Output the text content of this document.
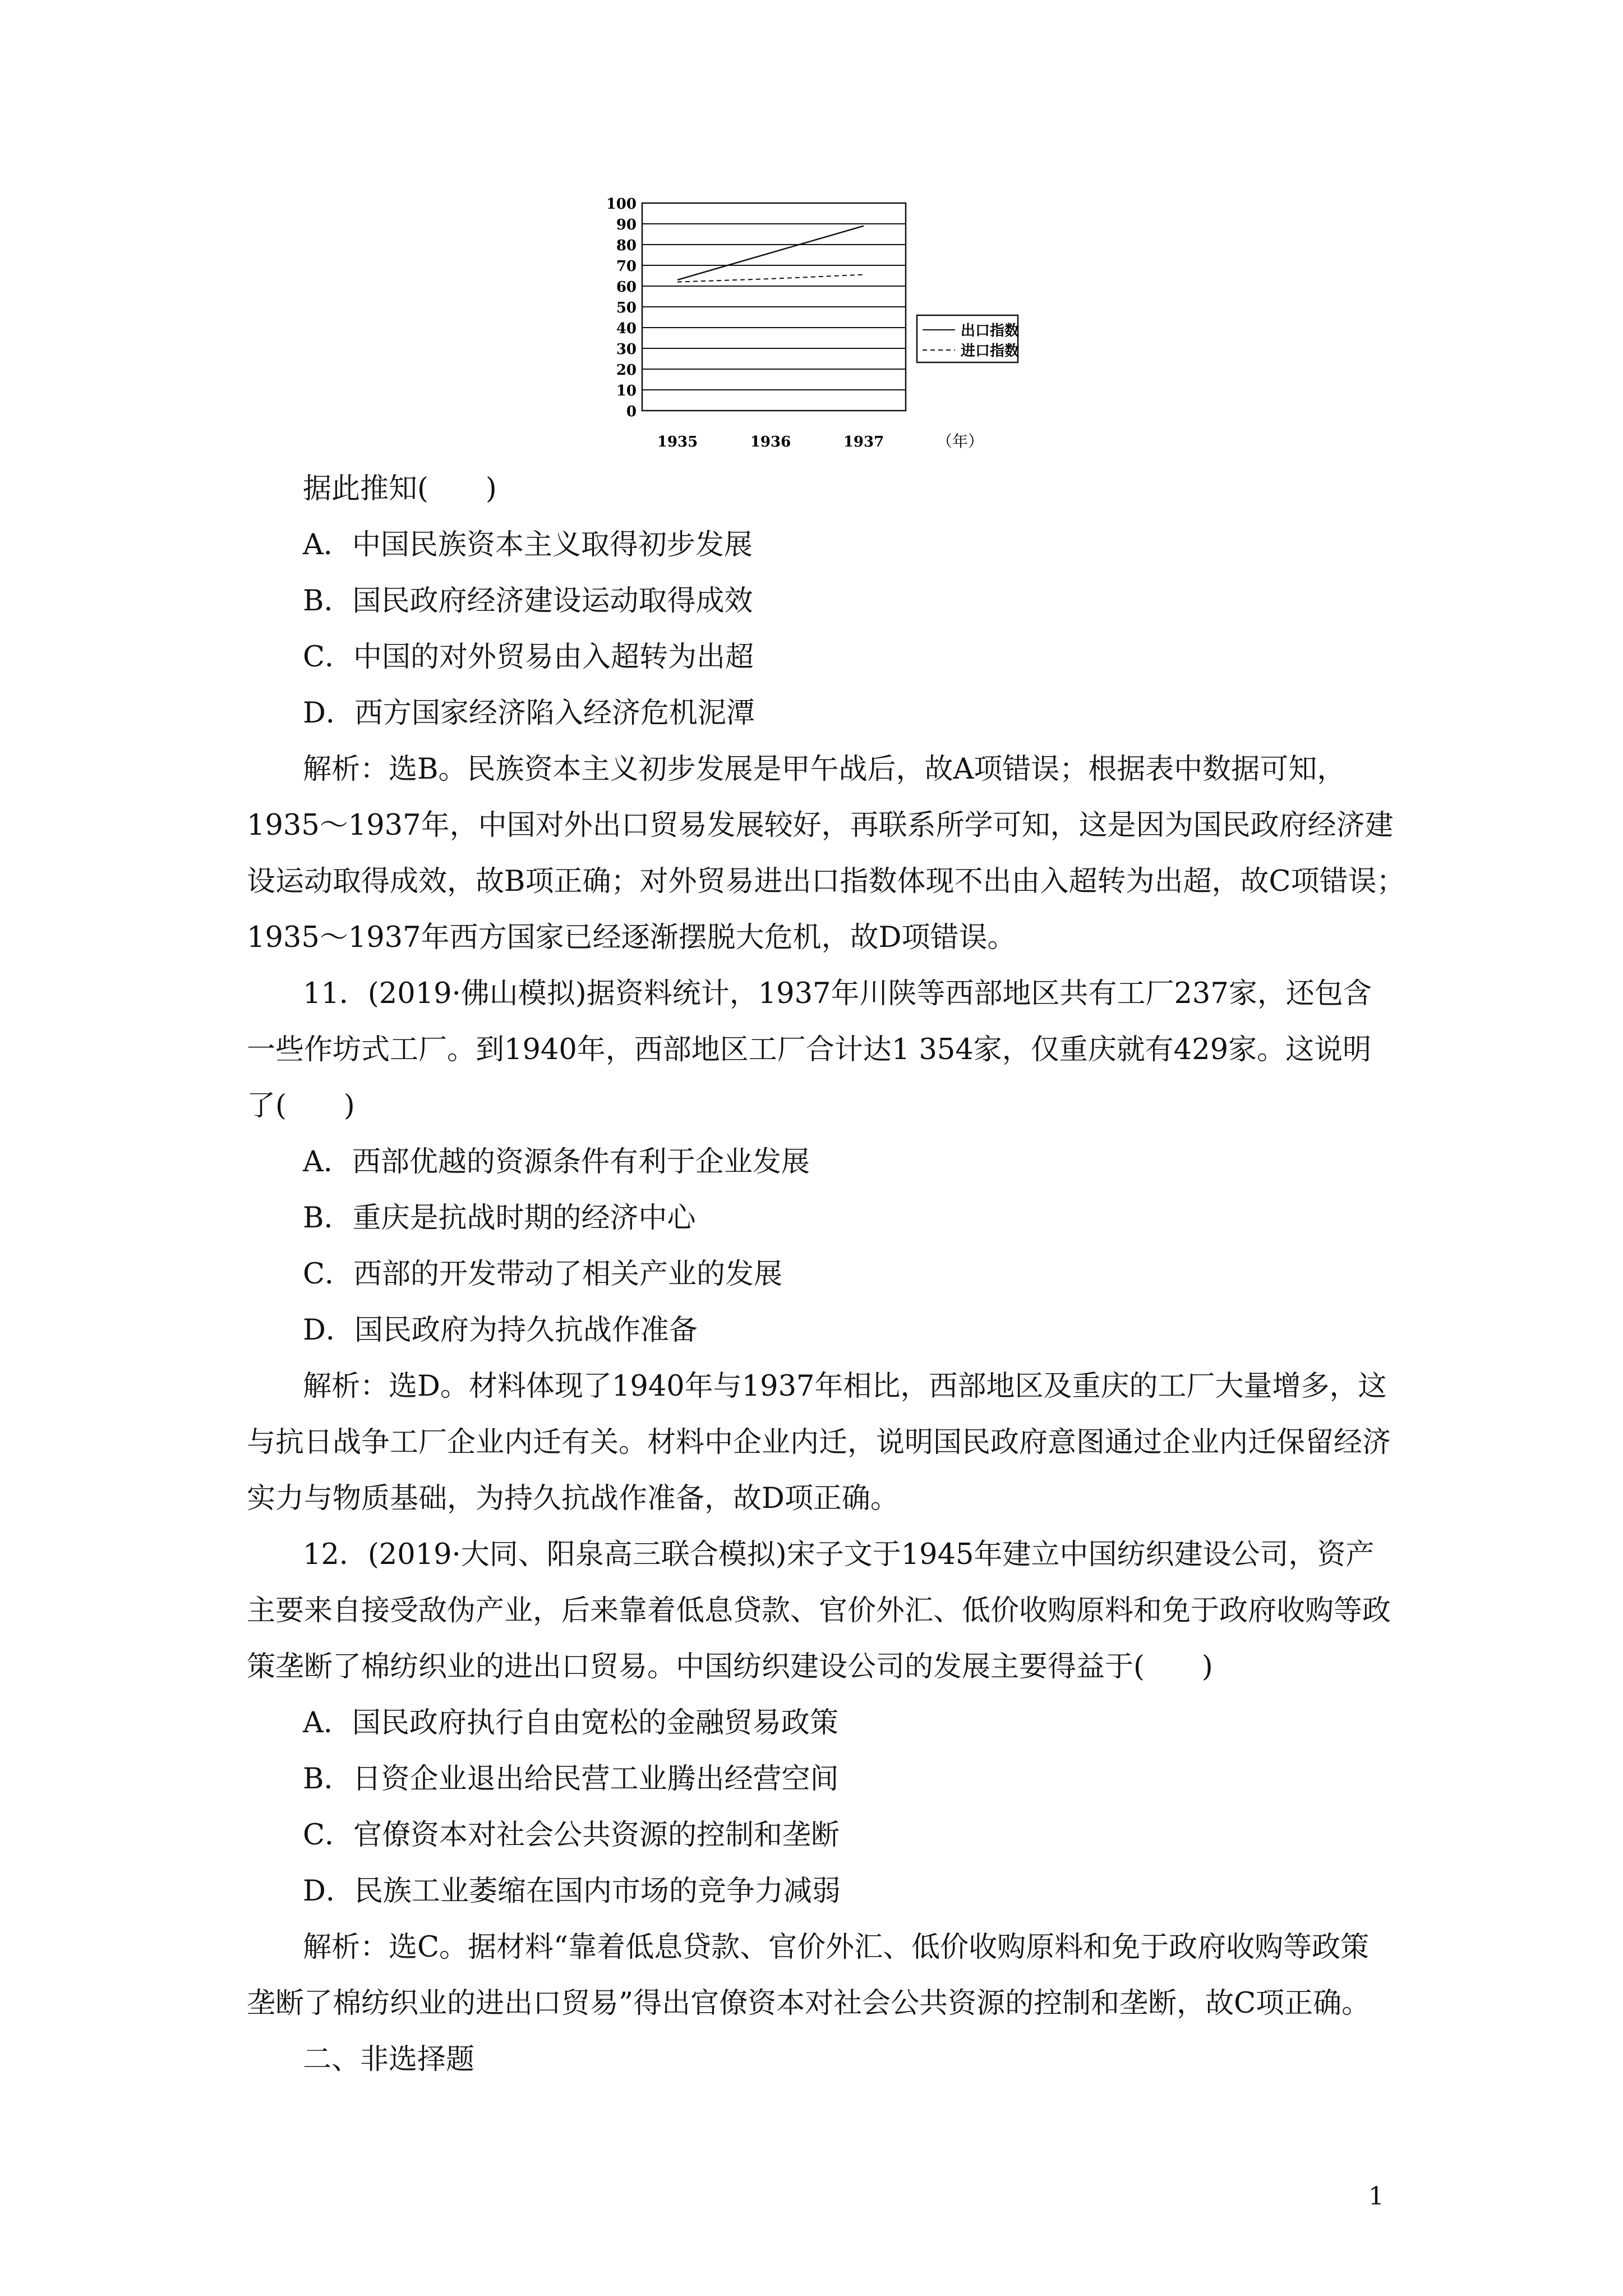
0
10
20
30
40
50
60
70
80
90
100
1935	1936	1937	（年）
出口指数
进口指数
据此推知(　　)
A．中国民族资本主义取得初步发展
B．国民政府经济建设运动取得成效
C．中国的对外贸易由入超转为出超
D．西方国家经济陷入经济危机泥潭
解析：选B。民族资本主义初步发展是甲午战后，故A项错误；根据表中数据可知，
1935～1937年，中国对外出口贸易发展较好，再联系所学可知，这是因为国民政府经济建
设运动取得成效，故B项正确；对外贸易进出口指数体现不出由入超转为出超，故C项错误；
1935～1937年西方国家已经逐渐摆脱大危机，故D项错误。
11．(2019·佛山模拟)据资料统计，1937年川陕等西部地区共有工厂237家，还包含
一些作坊式工厂。到1940年，西部地区工厂合计达1 354家，仅重庆就有429家。这说明
了(　　)
A．西部优越的资源条件有利于企业发展
B．重庆是抗战时期的经济中心
C．西部的开发带动了相关产业的发展
D．国民政府为持久抗战作准备
解析：选D。材料体现了1940年与1937年相比，西部地区及重庆的工厂大量增多，这
与抗日战争工厂企业内迁有关。材料中企业内迁，说明国民政府意图通过企业内迁保留经济
实力与物质基础，为持久抗战作准备，故D项正确。
12．(2019·大同、阳泉高三联合模拟)宋子文于1945年建立中国纺织建设公司，资产
主要来自接受敌伪产业，后来靠着低息贷款、官价外汇、低价收购原料和免于政府收购等政
策垄断了棉纺织业的进出口贸易。中国纺织建设公司的发展主要得益于(　　)
A．国民政府执行自由宽松的金融贸易政策
B．日资企业退出给民营工业腾出经营空间
C．官僚资本对社会公共资源的控制和垄断
D．民族工业萎缩在国内市场的竞争力减弱
解析：选C。据材料“靠着低息贷款、官价外汇、低价收购原料和免于政府收购等政策
垄断了棉纺织业的进出口贸易”得出官僚资本对社会公共资源的控制和垄断，故C项正确。
二、非选择题
1
